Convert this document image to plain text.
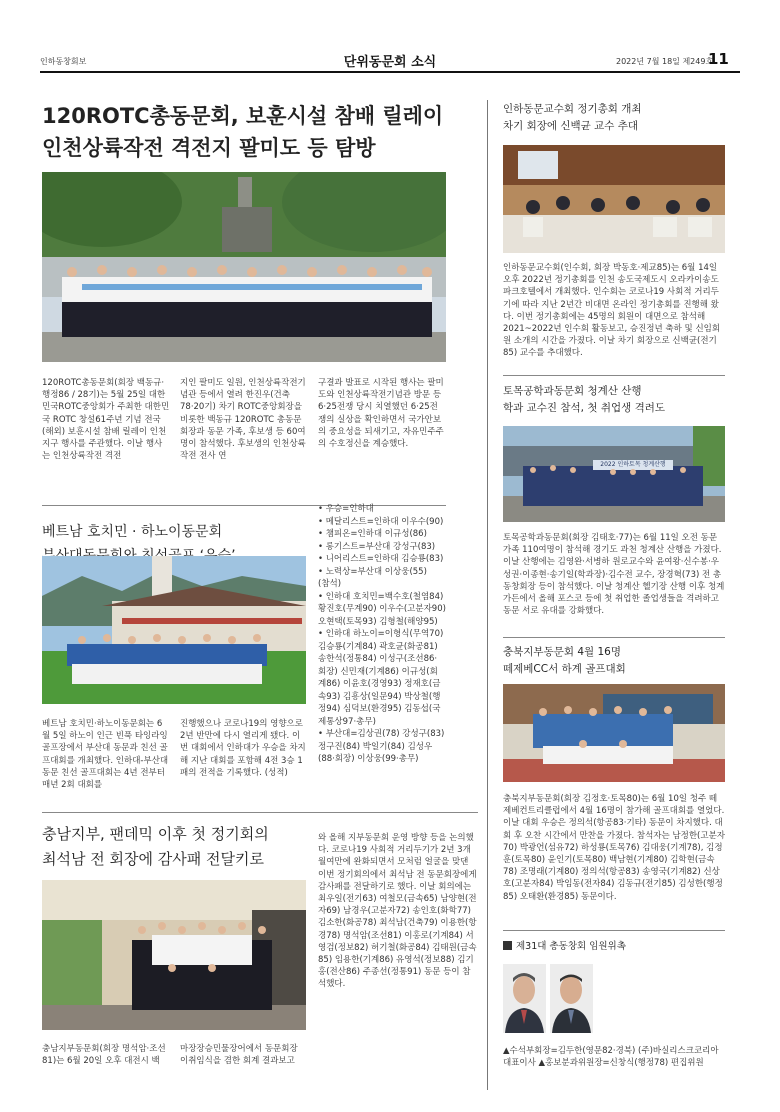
인하동창회보	단위동문회 소식	2022년 7월 18일 제249호
11
120ROTC총동문회, 보훈시설 참배 릴레이
인천상륙작전 격전지 팔미도 등 탐방
120ROTC총동문회(회장 백동규·행정86 / 28기)는 5월 25일 대한민국ROTC중앙회가 주최한 대한민국 ROTC 창설61주년 기념 전국(해외) 보훈시설 참배 릴레이 인천지구 행사를 주관했다. 이날 행사는 인천상륙작전 격전
지인 팔미도 일원, 인천상륙작전기념관 등에서 열려 한진우(건축78·20기) 차기 ROTC중앙회장을 비롯한 백동규 120ROTC 총동문회장과 동문 가족, 후보생 등 60여명이 참석했다. 후보생의 인천상륙작전 전사 연
구결과 발표로 시작된 행사는 팔미도와 인천상륙작전기념관 방문 등 6·25전쟁 당시 치열했던 6·25전쟁의 실상을 확인하면서 국가안보의 중요성을 되새기고, 자유민주주의 수호정신을 계승했다.
베트남 호치민 · 하노이동문회
베트남 호치민·하노이동문회는 6월 5일 하노이 인근 빈푹 타잉라잉골프장에서 부산대 동문과 친선 골프대회를 개최했다. 인하대-부산대 동문 친선 골프대회는 4년 전부터 매년 2회 대회를
진행했으나 코로나19의 영향으로 2년 반만에 다시 열리게 됐다. 이번 대회에서 인하대가 우승을 차지해 지난 대회를 포함해 4전 3승 1패의 전적을 기록했다. (성적)
• 우승=인하대
• 메달리스트=인하대 이우수(90)
• 챔피온=인하대 이규성(86)
• 롱기스트=부산대 강성구(83)
• 니어리스트=인하대 김승룡(83)
• 노력상=부산대 이상웅(55)
(참석)
• 인하대 호치민=백수호(철염84)
황진호(무계90) 이우수(고분자90)
오현택(토목93) 김형철(해양95)
• 인하대 하노이=이형식(무역70)
김승룡(기계84) 곽호균(화공81)
송한석(정통84) 이성구(조선86·
회장) 신민재(기계86) 이규성(회
계86) 이윤호(경영93) 정재호(금
속93) 김흥상(일문94) 박상철(행
정94) 심덕보(환경95) 김동섭(국
제통상97·총무)
• 부산대=김상권(78) 강성구(83)
정구진(84) 박일기(84) 김성우
(88·회장) 이상웅(99·총무)
충남지부, 팬데믹 이후 첫 정기회의
최석남 전 회장에 감사패 전달키로
충남지부동문회(회장 명석암·조선81)는 6월 20일 오후 대전시 백
마장장승민물장어에서 동문회장 이취임식을 겸한 회계 결과보고
와 올해 지부동문회 운영 방향 등을 논의했다. 코로나19 사회적 거리두기가 2년 3개월여만에 완화되면서 모처럼 얼굴을 맞댄 이번 정기회의에서 최석남 전 동문회장에게 감사패를 전달하기로 했다. 이날 회의에는 최우일(전기63) 여철모(금속65) 남양현(전자69) 남경우(고분자72) 송인호(화학77) 김소한(화공78) 최석남(건축79) 이용한(항경78) 명석암(조선81) 이홍로(기계84) 서영검(정보82) 허기철(화공84) 김태원(금속85) 임용한(기계86) 유영석(정보88) 김기홍(전산86) 주종선(정통91) 동문 등이 참석했다.
인하동문교수회 정기총회 개최
차기 회장에 신백균 교수 추대
인하동문교수회(인수회, 회장 박동호·제교85)는 6월 14일 오후 2022년 정기총회를 인천 송도국제도시 오라카이송도파크호텔에서 개최했다. 인수회는 코로나19 사회적 거리두기에 따라 지난 2년간 비대면 온라인 정기총회를 진행해 왔다. 이번 정기총회에는 45명의 회원이 대면으로 참석해 2021~2022년 인수회 활동보고, 승진정년 축하 및 신임회원 소개의 시간을 가졌다. 이날 차기 회장으로 신백균(전기85) 교수를 추대했다.
토목공학과동문회 청계산 산행
학과 교수진 참석, 첫 취업생 격려도
2022 인하토목 청계산행
토목공학과동문회(회장 김태호·77)는 6월 11일 오전 동문가족 110여명이 참석해 경기도 과천 청계산 산행을 가졌다. 이날 산행에는 김영완·서병하 원로교수와 윤여왕·신수봉·우성권·이종현·송기일(학과장)·김수전 교수, 장경혁(73) 전 총동창회장 등이 참석했다. 이날 청계산 헬기장 산행 이후 청계가든에서 올해 포스코 등에 첫 취업한 졸업생들을 격려하고 동문 서로 유대를 강화했다.
충북지부동문회 4월 16명
떼제베CC서 하계 골프대회
충북지부동문회(회장 김정호·토목80)는 6월 10일 청주 떼제베컨트리클럽에서 4월 16명이 참가해 골프대회를 열었다. 이날 대회 우승은 정의석(항공83·기타) 동문이 차지했다. 대회 후 오찬 시간에서 만찬을 가졌다. 참석자는 남정한(고분자70) 박광언(섬유72) 하성룡(토목76) 김대웅(기계78), 김정훈(토목80) 윤인기(토목80) 백남현(기계80) 김학현(금속78) 조명래(기계80) 정의석(항공83) 송영국(기계82) 신상호(고분자84) 박임동(전자84) 김동규(전기85) 김성한(행정85) 오태환(환경85) 동문이다.
제31대 총동창회 임원위촉
▲수석부회장=김두한(영문82·경북) (주)바실리스크코리아 대표이사 ▲홍보분과위원장=신창식(행정78) 편집위원
